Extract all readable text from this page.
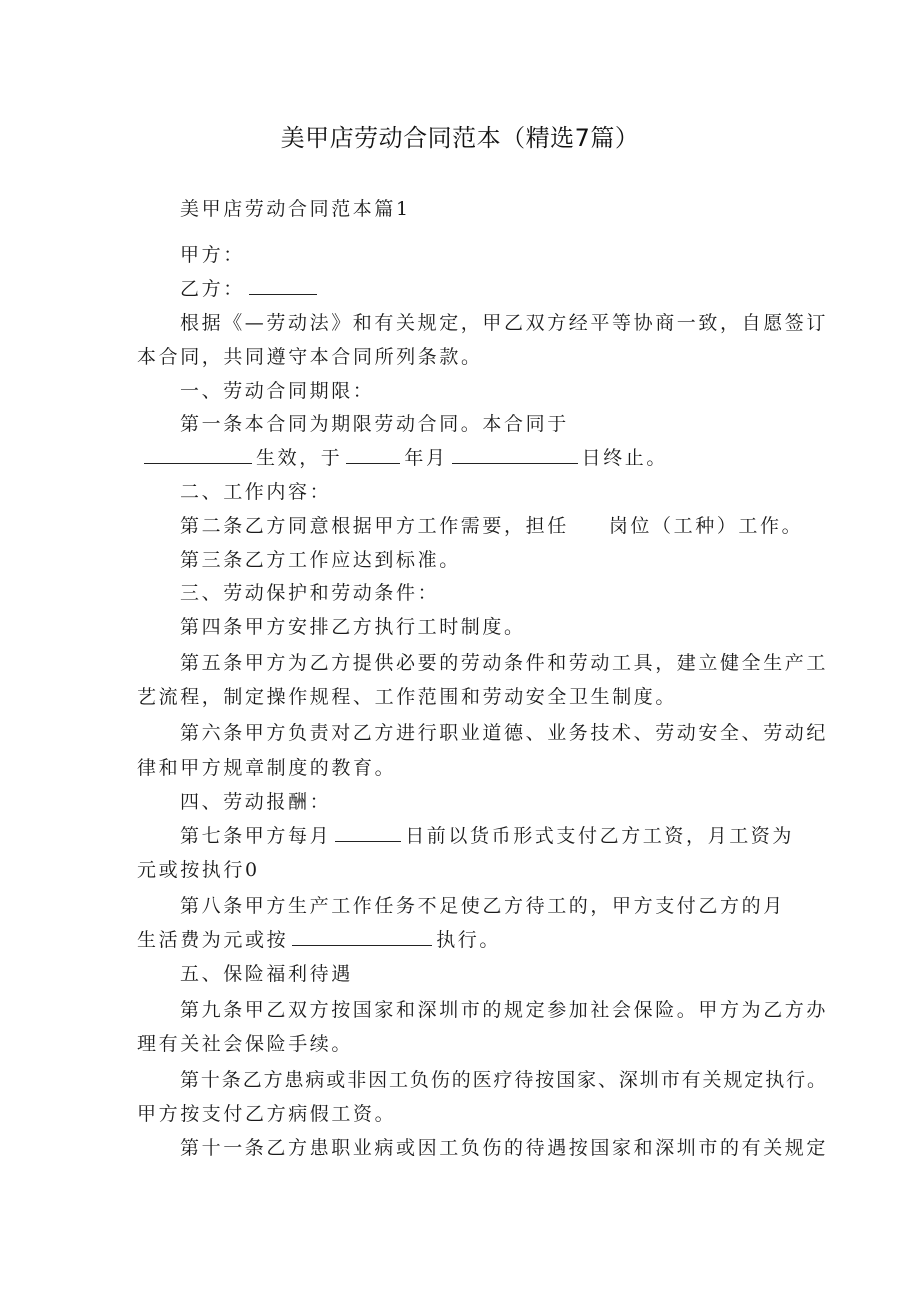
美甲店劳动合同范本（精选7篇）
美甲店劳动合同范本篇1
甲方：
乙方：
根据《—劳动法》和有关规定，甲乙双方经平等协商一致，自愿签订
本合同，共同遵守本合同所列条款。
一、劳动合同期限：
第一条本合同为期限劳动合同。本合同于
生效，于	年月	日终止。
二、工作内容：
第二条乙方同意根据甲方工作需要，担任 岗位（工种）工作。
第三条乙方工作应达到标准。
三、劳动保护和劳动条件：
第四条甲方安排乙方执行工时制度。
第五条甲方为乙方提供必要的劳动条件和劳动工具，建立健全生产工
艺流程，制定操作规程、工作范围和劳动安全卫生制度。
第六条甲方负责对乙方进行职业道德、业务技术、劳动安全、劳动纪
律和甲方规章制度的教育。
四、劳动报酬：
第七条甲方每月	日前以货币形式支付乙方工资，月工资为
元或按执行0
第八条甲方生产工作任务不足使乙方待工的，甲方支付乙方的月
生活费为元或按	执行。
五、保险福利待遇
第九条甲乙双方按国家和深圳市的规定参加社会保险。甲方为乙方办
理有关社会保险手续。
第十条乙方患病或非因工负伤的医疗待按国家、深圳市有关规定执行。
甲方按支付乙方病假工资。
第十一条乙方患职业病或因工负伤的待遇按国家和深圳市的有关规定
